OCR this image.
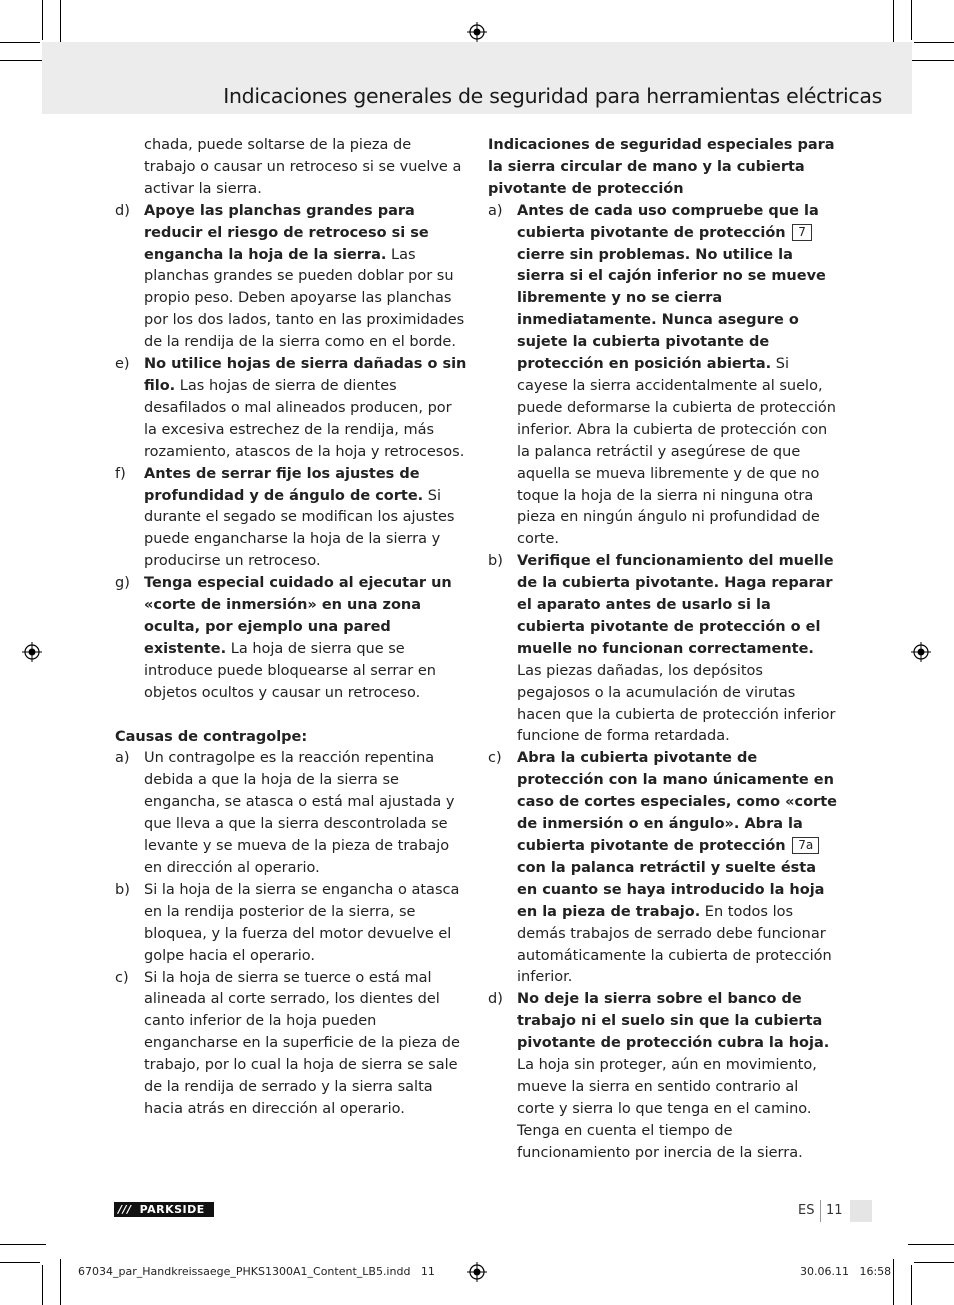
Indicaciones generales de seguridad para herramientas eléctricas

chada, puede soltarse de la pieza de trabajo o causar un retroceso si se vuelve a activar la sierra.

d) Apoye las planchas grandes para reducir el riesgo de retroceso si se engancha la hoja de la sierra. Las planchas grandes se pueden doblar por su propio peso. Deben apoyarse las planchas por los dos lados, tanto en las proximidades de la rendija de la sierra como en el borde.
e) No utilice hojas de sierra dañadas o sin filo. Las hojas de sierra de dientes desafilados o mal alineados producen, por la excesiva estrechez de la rendija, más rozamiento, atascos de la hoja y retrocesos.
f) Antes de serrar fije los ajustes de profundidad y de ángulo de corte. Si durante el segado se modifican los ajustes puede engancharse la hoja de la sierra y producirse un retroceso.
g) Tenga especial cuidado al ejecutar un «corte de inmersión» en una zona oculta, por ejemplo una pared existente. La hoja de sierra que se introduce puede bloquearse al serrar en objetos ocultos y causar un retroceso.

Causas de contragolpe:

a) Un contragolpe es la reacción repentina debida a que la hoja de la sierra se engancha, se atasca o está mal ajustada y que lleva a que la sierra descontrolada se levante y se mueva de la pieza de trabajo en dirección al operario.
b) Si la hoja de la sierra se engancha o atasca en la rendija posterior de la sierra, se bloquea, y la fuerza del motor devuelve el golpe hacia el operario.
c) Si la hoja de sierra se tuerce o está mal alineada al corte serrado, los dientes del canto inferior de la hoja pueden engancharse en la superficie de la pieza de trabajo, por lo cual la hoja de sierra se sale de la rendija de serrado y la sierra salta hacia atrás en dirección al operario.

Indicaciones de seguridad especiales para la sierra circular de mano y la cubierta pivotante de protección

a) Antes de cada uso compruebe que la cubierta pivotante de protección 7 cierre sin problemas. No utilice la sierra si el cajón inferior no se mueve libremente y no se cierra inmediatamente. Nunca asegure o sujete la cubierta pivotante de protección en posición abierta. Si cayese la sierra accidentalmente al suelo, puede deformarse la cubierta de protección inferior. Abra la cubierta de protección con la palanca retráctil y asegúrese de que aquella se mueva libremente y de que no toque la hoja de la sierra ni ninguna otra pieza en ningún ángulo ni profundidad de corte.
b) Verifique el funcionamiento del muelle de la cubierta pivotante. Haga reparar el aparato antes de usarlo si la cubierta pivotante de protección o el muelle no funcionan correctamente. Las piezas dañadas, los depósitos pegajosos o la acumulación de virutas hacen que la cubierta de protección inferior funcione de forma retardada.
c) Abra la cubierta pivotante de protección con la mano únicamente en caso de cortes especiales, como «corte de inmersión o en ángulo». Abra la cubierta pivotante de protección 7a con la palanca retráctil y suelte ésta en cuanto se haya introducido la hoja en la pieza de trabajo. En todos los demás trabajos de serrado debe funcionar automáticamente la cubierta de protección inferior.
d) No deje la sierra sobre el banco de trabajo ni el suelo sin que la cubierta pivotante de protección cubra la hoja. La hoja sin proteger, aún en movimiento, mueve la sierra en sentido contrario al corte y sierra lo que tenga en el camino. Tenga en cuenta el tiempo de funcionamiento por inercia de la sierra.
/// PARKSIDE	ES 11
67034_par_Handkreissaege_PHKS1300A1_Content_LB5.indd   11	30.06.11   16:58
